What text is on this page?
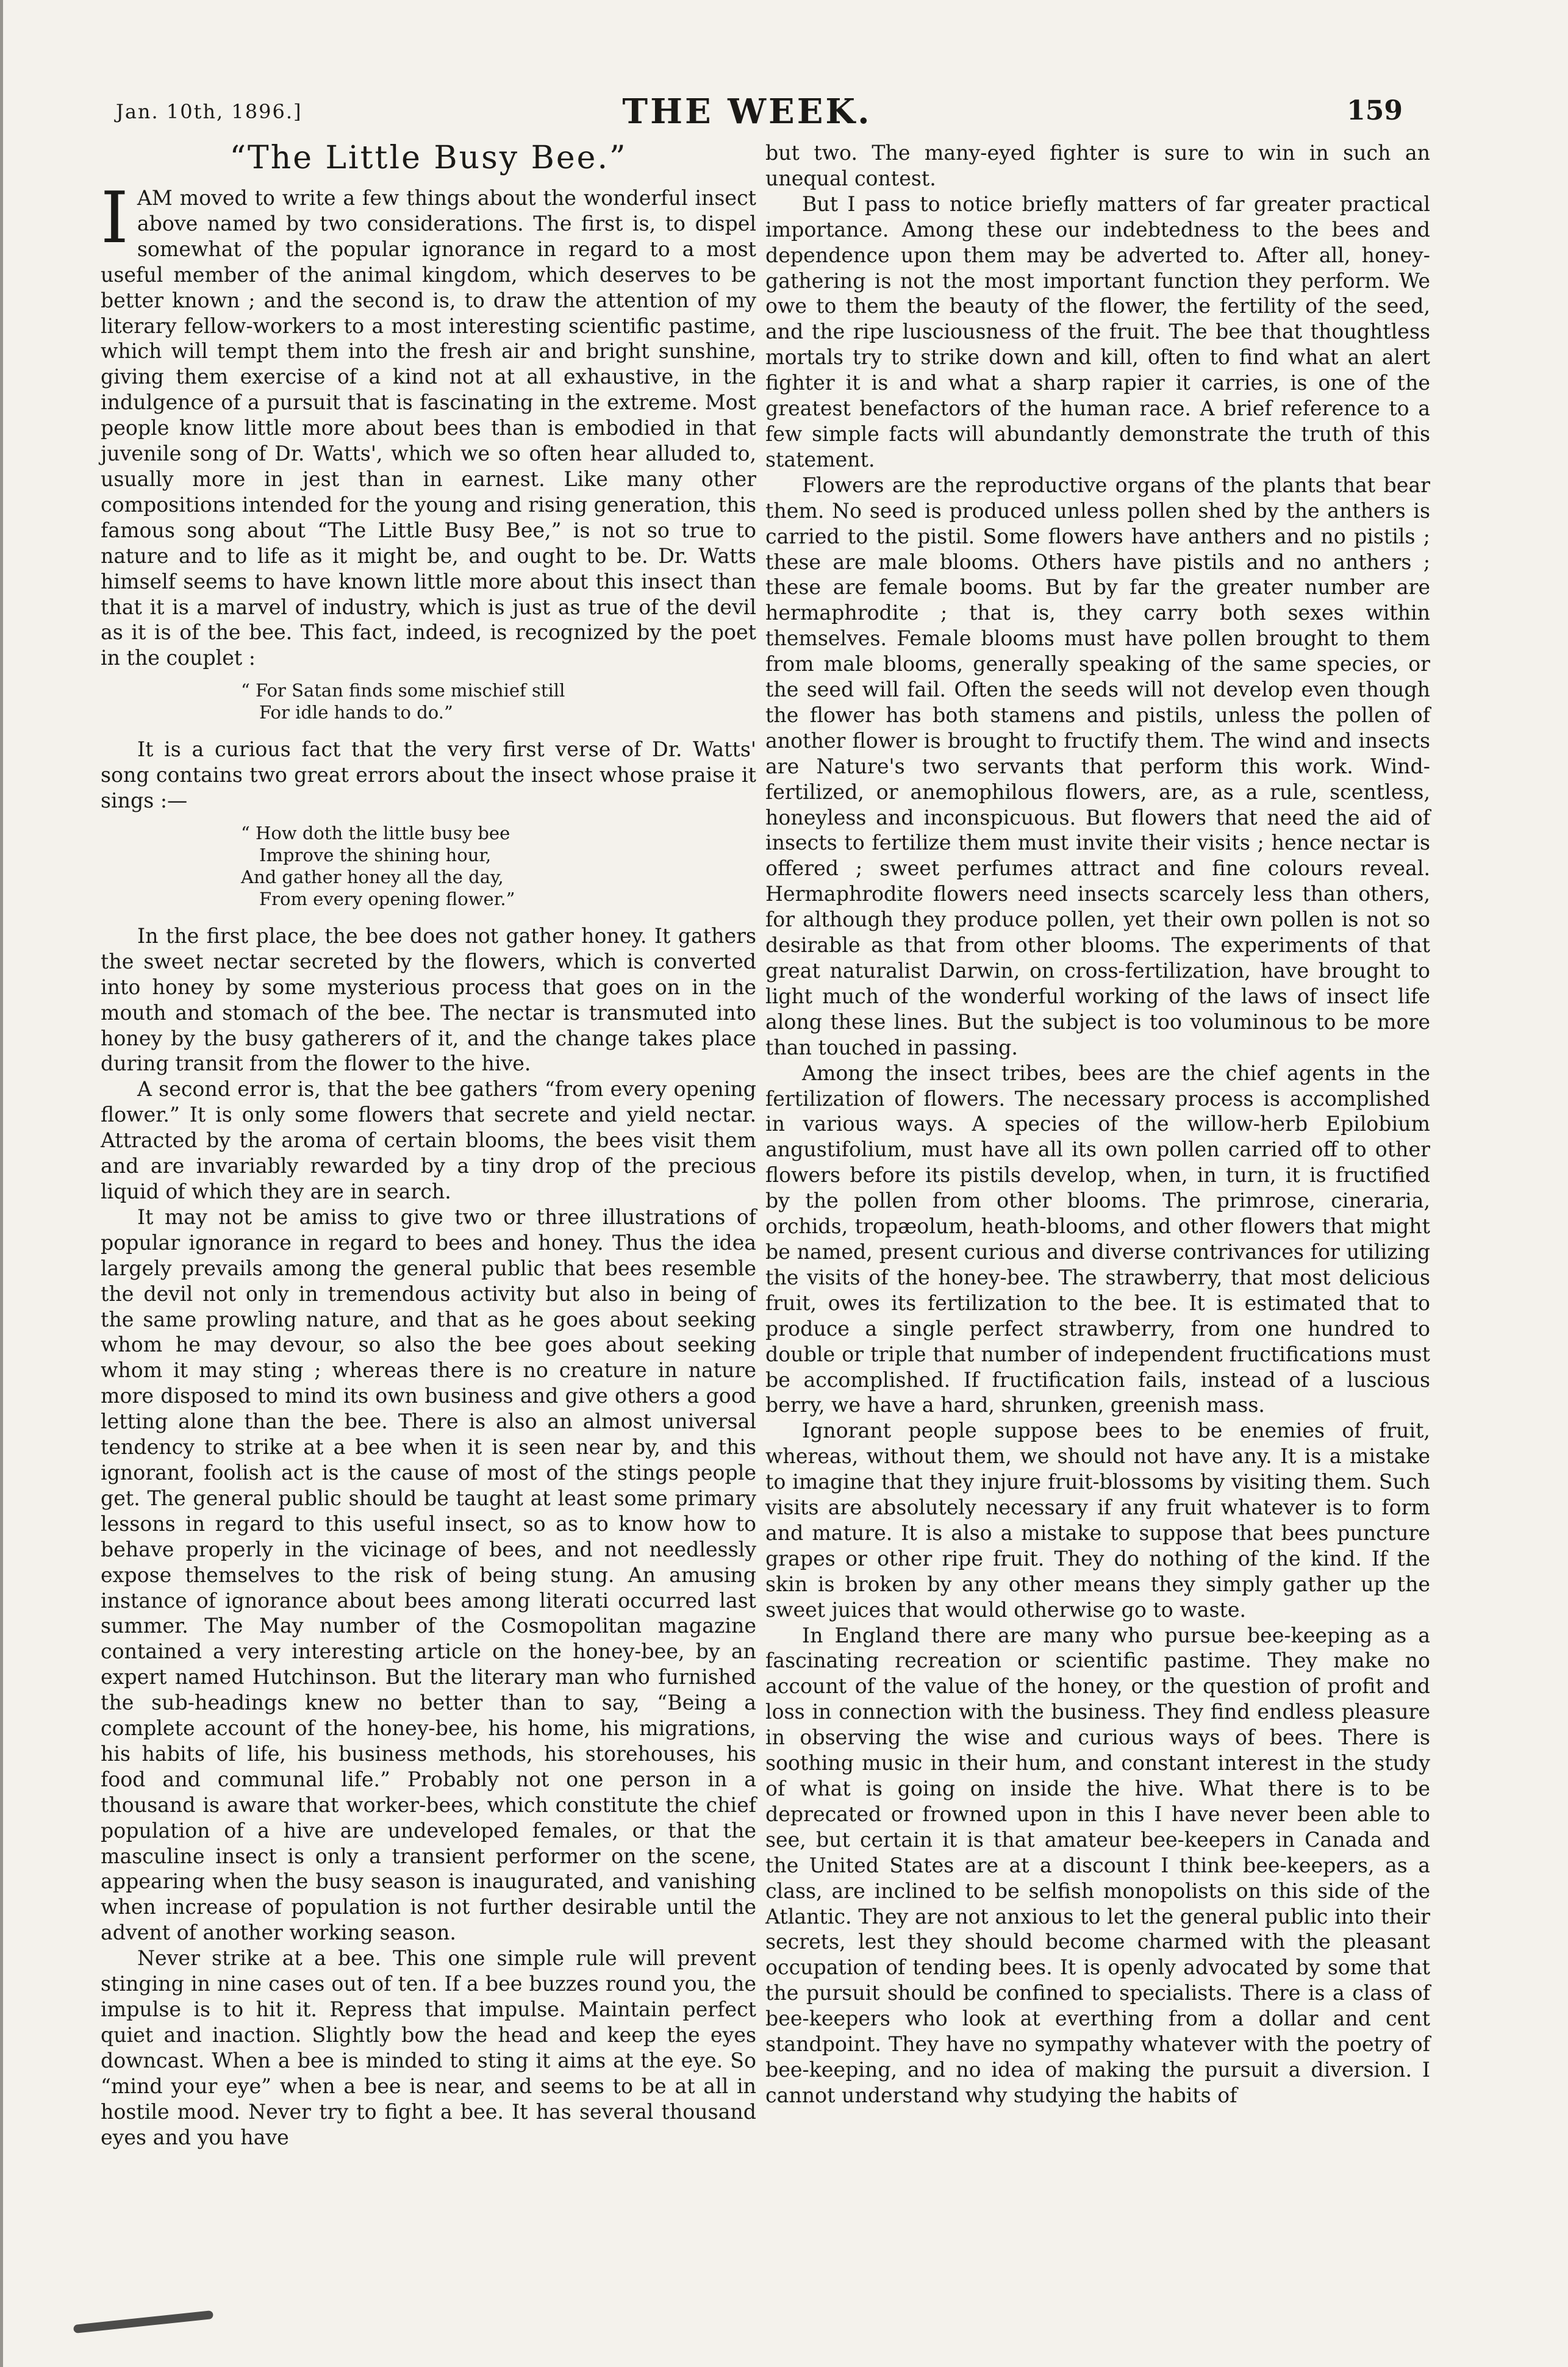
Jan. 10th, 1896.]	THE WEEK.	159
“The Little Busy Bee.”

I AM moved to write a few things about the wonderful insect above named by two considerations. The first is, to dispel somewhat of the popular ignorance in regard to a most useful member of the animal kingdom, which deserves to be better known ; and the second is, to draw the attention of my literary fellow-workers to a most interesting scientific pastime, which will tempt them into the fresh air and bright sunshine, giving them exercise of a kind not at all exhaustive, in the indulgence of a pursuit that is fascinating in the extreme. Most people know little more about bees than is embodied in that juvenile song of Dr. Watts', which we so often hear alluded to, usually more in jest than in earnest. Like many other compositions intended for the young and rising generation, this famous song about “The Little Busy Bee,” is not so true to nature and to life as it might be, and ought to be. Dr. Watts himself seems to have known little more about this insect than that it is a marvel of industry, which is just as true of the devil as it is of the bee. This fact, indeed, is recognized by the poet in the couplet :

“ For Satan finds some mischief still
For idle hands to do.”

It is a curious fact that the very first verse of Dr. Watts' song contains two great errors about the insect whose praise it sings :—

“ How doth the little busy bee
Improve the shining hour,
And gather honey all the day,
From every opening flower.”

In the first place, the bee does not gather honey. It gathers the sweet nectar secreted by the flowers, which is converted into honey by some mysterious process that goes on in the mouth and stomach of the bee. The nectar is transmuted into honey by the busy gatherers of it, and the change takes place during transit from the flower to the hive.

A second error is, that the bee gathers “from every opening flower.” It is only some flowers that secrete and yield nectar. Attracted by the aroma of certain blooms, the bees visit them and are invariably rewarded by a tiny drop of the precious liquid of which they are in search.

It may not be amiss to give two or three illustrations of popular ignorance in regard to bees and honey. Thus the idea largely prevails among the general public that bees resemble the devil not only in tremendous activity but also in being of the same prowling nature, and that as he goes about seeking whom he may devour, so also the bee goes about seeking whom it may sting ; whereas there is no creature in nature more disposed to mind its own business and give others a good letting alone than the bee. There is also an almost universal tendency to strike at a bee when it is seen near by, and this ignorant, foolish act is the cause of most of the stings people get. The general public should be taught at least some primary lessons in regard to this useful insect, so as to know how to behave properly in the vicinage of bees, and not needlessly expose themselves to the risk of being stung. An amusing instance of ignorance about bees among literati occurred last summer. The May number of the Cosmopolitan magazine contained a very interesting article on the honey-bee, by an expert named Hutchinson. But the literary man who furnished the sub-headings knew no better than to say, “Being a complete account of the honey-bee, his home, his migrations, his habits of life, his business methods, his storehouses, his food and communal life.” Probably not one person in a thousand is aware that worker-bees, which constitute the chief population of a hive are undeveloped females, or that the masculine insect is only a transient performer on the scene, appearing when the busy season is inaugurated, and vanishing when increase of population is not further desirable until the advent of another working season.

Never strike at a bee. This one simple rule will prevent stinging in nine cases out of ten. If a bee buzzes round you, the impulse is to hit it. Repress that impulse. Maintain perfect quiet and inaction. Slightly bow the head and keep the eyes downcast. When a bee is minded to sting it aims at the eye. So “mind your eye” when a bee is near, and seems to be at all in hostile mood. Never try to fight a bee. It has several thousand eyes and you have

but two. The many-eyed fighter is sure to win in such an unequal contest.

But I pass to notice briefly matters of far greater practical importance. Among these our indebtedness to the bees and dependence upon them may be adverted to. After all, honey-gathering is not the most important function they perform. We owe to them the beauty of the flower, the fertility of the seed, and the ripe lusciousness of the fruit. The bee that thoughtless mortals try to strike down and kill, often to find what an alert fighter it is and what a sharp rapier it carries, is one of the greatest benefactors of the human race. A brief reference to a few simple facts will abundantly demonstrate the truth of this statement.

Flowers are the reproductive organs of the plants that bear them. No seed is produced unless pollen shed by the anthers is carried to the pistil. Some flowers have anthers and no pistils ; these are male blooms. Others have pistils and no anthers ; these are female booms. But by far the greater number are hermaphrodite ; that is, they carry both sexes within themselves. Female blooms must have pollen brought to them from male blooms, generally speaking of the same species, or the seed will fail. Often the seeds will not develop even though the flower has both stamens and pistils, unless the pollen of another flower is brought to fructify them. The wind and insects are Nature's two servants that perform this work. Wind-fertilized, or anemophilous flowers, are, as a rule, scentless, honeyless and inconspicuous. But flowers that need the aid of insects to fertilize them must invite their visits ; hence nectar is offered ; sweet perfumes attract and fine colours reveal. Hermaphrodite flowers need insects scarcely less than others, for although they produce pollen, yet their own pollen is not so desirable as that from other blooms. The experiments of that great naturalist Darwin, on cross-fertilization, have brought to light much of the wonderful working of the laws of insect life along these lines. But the subject is too voluminous to be more than touched in passing.

Among the insect tribes, bees are the chief agents in the fertilization of flowers. The necessary process is accomplished in various ways. A species of the willow-herb Epilobium angustifolium, must have all its own pollen carried off to other flowers before its pistils develop, when, in turn, it is fructified by the pollen from other blooms. The primrose, cineraria, orchids, tropæolum, heath-blooms, and other flowers that might be named, present curious and diverse contrivances for utilizing the visits of the honey-bee. The strawberry, that most delicious fruit, owes its fertilization to the bee. It is estimated that to produce a single perfect strawberry, from one hundred to double or triple that number of independent fructifications must be accomplished. If fructification fails, instead of a luscious berry, we have a hard, shrunken, greenish mass.

Ignorant people suppose bees to be enemies of fruit, whereas, without them, we should not have any. It is a mistake to imagine that they injure fruit-blossoms by visiting them. Such visits are absolutely necessary if any fruit whatever is to form and mature. It is also a mistake to suppose that bees puncture grapes or other ripe fruit. They do nothing of the kind. If the skin is broken by any other means they simply gather up the sweet juices that would otherwise go to waste.

In England there are many who pursue bee-keeping as a fascinating recreation or scientific pastime. They make no account of the value of the honey, or the question of profit and loss in connection with the business. They find endless pleasure in observing the wise and curious ways of bees. There is soothing music in their hum, and constant interest in the study of what is going on inside the hive. What there is to be deprecated or frowned upon in this I have never been able to see, but certain it is that amateur bee-keepers in Canada and the United States are at a discount I think bee-keepers, as a class, are inclined to be selfish monopolists on this side of the Atlantic. They are not anxious to let the general public into their secrets, lest they should become charmed with the pleasant occupation of tending bees. It is openly advocated by some that the pursuit should be confined to specialists. There is a class of bee-keepers who look at everthing from a dollar and cent standpoint. They have no sympathy whatever with the poetry of bee-keeping, and no idea of making the pursuit a diversion. I cannot understand why studying the habits of
